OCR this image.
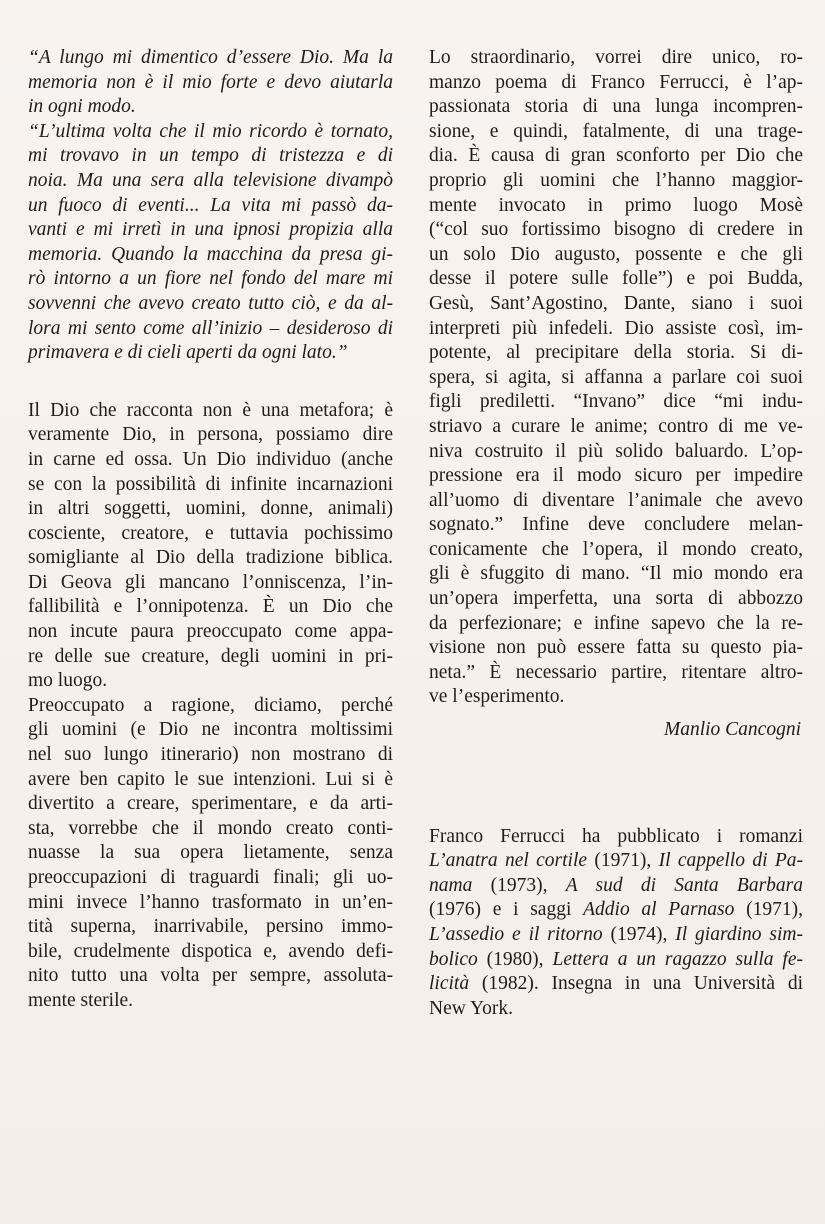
“A lungo mi dimentico d’essere Dio. Ma la
memoria non è il mio forte e devo aiutarla
in ogni modo.
“L’ultima volta che il mio ricordo è tornato,
mi trovavo in un tempo di tristezza e di
noia. Ma una sera alla televisione divampò
un fuoco di eventi... La vita mi passò da-
vanti e mi irretì in una ipnosi propizia alla
memoria. Quando la macchina da presa gi-
rò intorno a un fiore nel fondo del mare mi
sovvenni che avevo creato tutto ciò, e da al-
lora mi sento come all’inizio – desideroso di
primavera e di cieli aperti da ogni lato.”
Il Dio che racconta non è una metafora; è
veramente Dio, in persona, possiamo dire
in carne ed ossa. Un Dio individuo (anche
se con la possibilità di infinite incarnazioni
in altri soggetti, uomini, donne, animali)
cosciente, creatore, e tuttavia pochissimo
somigliante al Dio della tradizione biblica.
Di Geova gli mancano l’onniscenza, l’in-
fallibilità e l’onnipotenza. È un Dio che
non incute paura preoccupato come appa-
re delle sue creature, degli uomini in pri-
mo luogo.
Preoccupato a ragione, diciamo, perché
gli uomini (e Dio ne incontra moltissimi
nel suo lungo itinerario) non mostrano di
avere ben capito le sue intenzioni. Lui si è
divertito a creare, sperimentare, e da arti-
sta, vorrebbe che il mondo creato conti-
nuasse la sua opera lietamente, senza
preoccupazioni di traguardi finali; gli uo-
mini invece l’hanno trasformato in un’en-
tità superna, inarrivabile, persino immo-
bile, crudelmente dispotica e, avendo defi-
nito tutto una volta per sempre, assoluta-
mente sterile.
Lo straordinario, vorrei dire unico, ro-
manzo poema di Franco Ferrucci, è l’ap-
passionata storia di una lunga incompren-
sione, e quindi, fatalmente, di una trage-
dia. È causa di gran sconforto per Dio che
proprio gli uomini che l’hanno maggior-
mente invocato in primo luogo Mosè
(“col suo fortissimo bisogno di credere in
un solo Dio augusto, possente e che gli
desse il potere sulle folle”) e poi Budda,
Gesù, Sant’Agostino, Dante, siano i suoi
interpreti più infedeli. Dio assiste così, im-
potente, al precipitare della storia. Si di-
spera, si agita, si affanna a parlare coi suoi
figli prediletti. “Invano” dice “mi indu-
striavo a curare le anime; contro di me ve-
niva costruito il più solido baluardo. L’op-
pressione era il modo sicuro per impedire
all’uomo di diventare l’animale che avevo
sognato.” Infine deve concludere melan-
conicamente che l’opera, il mondo creato,
gli è sfuggito di mano. “Il mio mondo era
un’opera imperfetta, una sorta di abbozzo
da perfezionare; e infine sapevo che la re-
visione non può essere fatta su questo pia-
neta.” È necessario partire, ritentare altro-
ve l’esperimento.
Manlio Cancogni
Franco Ferrucci ha pubblicato i romanzi
L’anatra nel cortile (1971), Il cappello di Pa-
nama (1973), A sud di Santa Barbara
(1976) e i saggi Addio al Parnaso (1971),
L’assedio e il ritorno (1974), Il giardino sim-
bolico (1980), Lettera a un ragazzo sulla fe-
licità (1982). Insegna in una Università di
New York.
